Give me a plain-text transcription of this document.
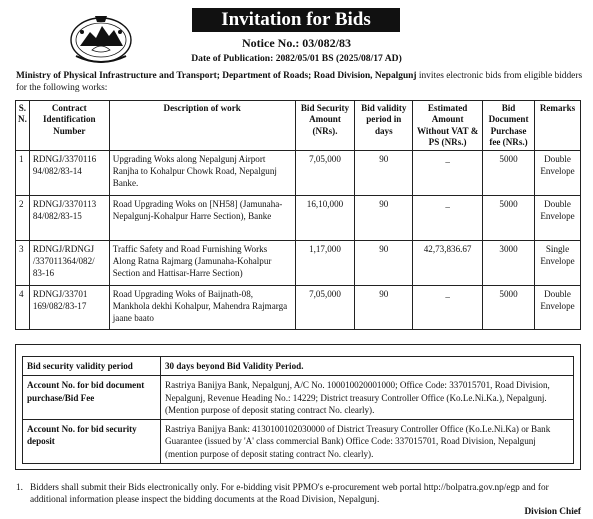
Invitation for Bids
Notice No.: 03/082/83
Date of Publication: 2082/05/01 BS (2025/08/17 AD)
Ministry of Physical Infrastructure and Transport; Department of Roads; Road Division, Nepalgunj invites electronic bids from eligible bidders for the following works:
S. N.	Contract Identification Number	Description of work	Bid Security Amount (NRs).	Bid validity period in days	Estimated Amount Without VAT & PS (NRs.)	Bid Document Purchase fee (NRs.)	Remarks
1	RDNGJ/3370116 94/082/83-14	Upgrading Woks along Nepalgunj Airport Ranjha to Kohalpur Chowk Road, Nepalgunj Banke.	7,05,000	90	_	5000	Double Envelope
2	RDNGJ/3370113 84/082/83-15	Road Upgrading Woks on [NH58] (Jamunaha-Nepalgunj-Kohalpur Harre Section), Banke	16,10,000	90	_	5000	Double Envelope
3	RDNGJ/RDNGJ /337011364/082/ 83-16	Traffic Safety and Road Furnishing Works Along Ratna Rajmarg (Jamunaha-Kohalpur Section and Hattisar-Harre Section)	1,17,000	90	42,73,836.67	3000	Single Envelope
4	RDNGJ/33701 169/082/83-17	Road Upgrading Woks of Baijnath-08, Mankhola dekhi Kohalpur, Mahendra Rajmarga jaane baato	7,05,000	90	_	5000	Double Envelope
Bid security validity period	30 days beyond Bid Validity Period.
Account No. for bid document purchase/Bid Fee	Rastriya Banijya Bank, Nepalgunj, A/C No. 100010020001000; Office Code: 337015701, Road Division, Nepalgunj, Revenue Heading No.: 14229; District treasury Controller Office (Ko.Le.Ni.Ka.), Nepalgunj. (Mention purpose of deposit stating contract No. clearly).
Account No. for bid security deposit	Rastriya Banijya Bank: 4130100102030000 of District Treasury Controller Office (Ko.Le.Ni.Ka) or Bank Guarantee (issued by 'A' class commercial Bank) Office Code: 337015701, Road Division, Nepalgunj (mention purpose of deposit stating contract No. clearly).
1. Bidders shall submit their Bids electronically only. For e-bidding visit PPMO's e-procurement web portal http://bolpatra.gov.np/egp and for additional information please inspect the bidding documents at the Road Division, Nepalgunj.
Division Chief
